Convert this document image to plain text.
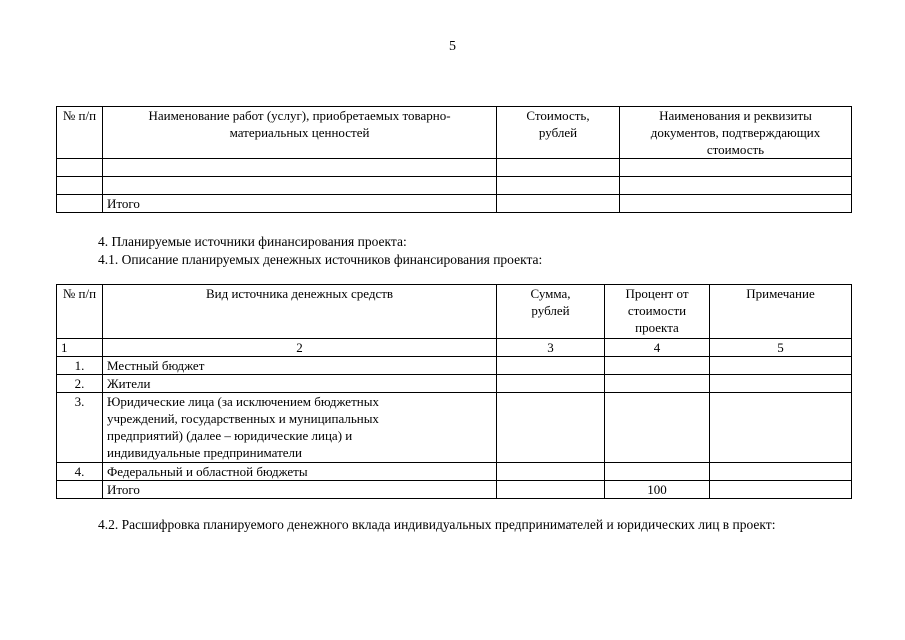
5
№ п/п	Наименование работ (услуг), приобретаемых товарно-материальных ценностей	Стоимость, рублей	Наименования и реквизиты документов, подтверждающих стоимость

	Итого		

4. Планируемые источники финансирования проекта:

4.1. Описание планируемых денежных источников финансирования проекта:

№ п/п	Вид источника денежных средств	Сумма, рублей	Процент от стоимости проекта	Примечание
1	2	3	4	5
1.	Местный бюджет			
2.	Жители			
3.	Юридические лица (за исключением бюджетных учреждений, государственных и муниципальных предприятий) (далее – юридические лица) и индивидуальные предприниматели			
4.	Федеральный и областной бюджеты			
	Итого		100	

4.2. Расшифровка планируемого денежного вклада индивидуальных предпринимателей и юридических лиц в проект:
